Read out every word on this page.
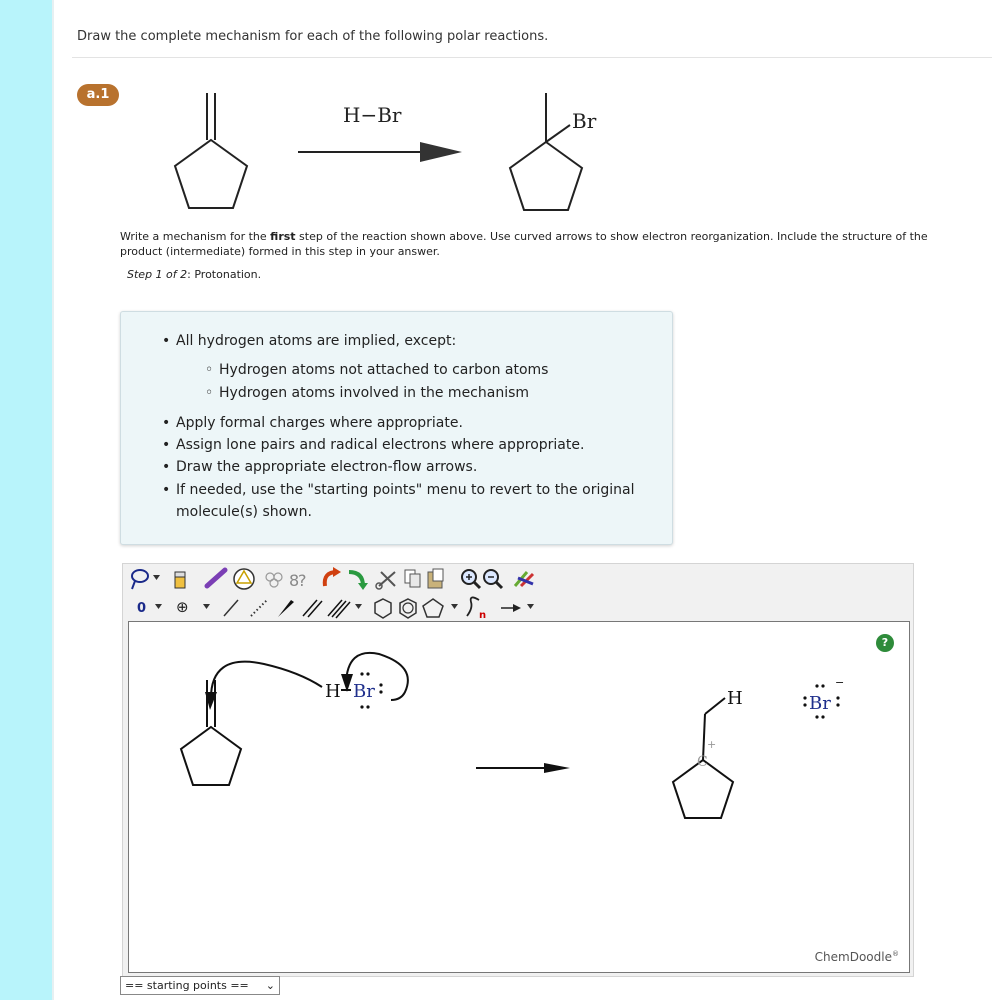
Draw the complete mechanism for each of the following polar reactions.
a.1
H−Br	Br
Write a mechanism for the first step of the reaction shown above. Use curved arrows to show electron reorganization. Include the structure of the product (intermediate) formed in this step in your answer.
Step 1 of 2: Protonation.
• All hydrogen atoms are implied, except:
◦ Hydrogen atoms not attached to carbon atoms
◦ Hydrogen atoms involved in the mechanism
• Apply formal charges where appropriate.
• Assign lone pairs and radical electrons where appropriate.
• Draw the appropriate electron-flow arrows.
• If needed, use the "starting points" menu to revert to the original
molecule(s) shown.
8
?
0 ⊕	n
H Br	H
C
+
Br
−
?
ChemDoodle®
== starting points == ⌄
